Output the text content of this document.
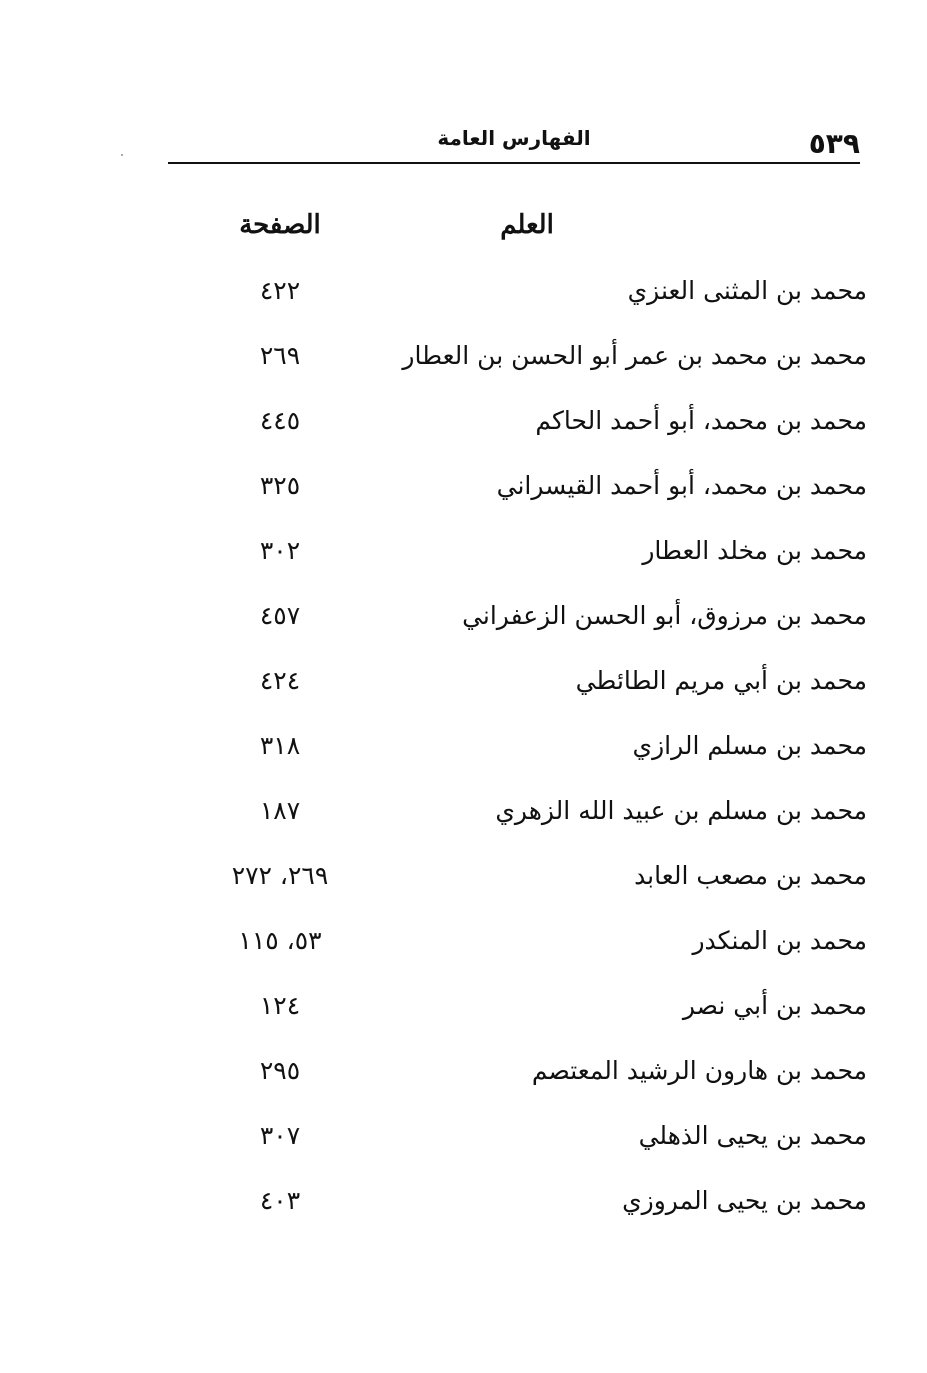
٥٣٩
الفهارس العامة
العلم
الصفحة
محمد بن المثنى العنزي
٤٢٢
محمد بن محمد بن عمر أبو الحسن بن العطار
٢٦٩
محمد بن محمد، أبو أحمد الحاكم
٤٤٥
محمد بن محمد، أبو أحمد القيسراني
٣٢٥
محمد بن مخلد العطار
٣٠٢
محمد بن مرزوق، أبو الحسن الزعفراني
٤٥٧
محمد بن أبي مريم الطائطي
٤٢٤
محمد بن مسلم الرازي
٣١٨
محمد بن مسلم بن عبيد الله الزهري
١٨٧
محمد بن مصعب العابد
٢٦٩، ٢٧٢
محمد بن المنكدر
٥٣، ١١٥
محمد بن أبي نصر
١٢٤
محمد بن هارون الرشيد المعتصم
٢٩٥
محمد بن يحيى الذهلي
٣٠٧
محمد بن يحيى المروزي
٤٠٣
